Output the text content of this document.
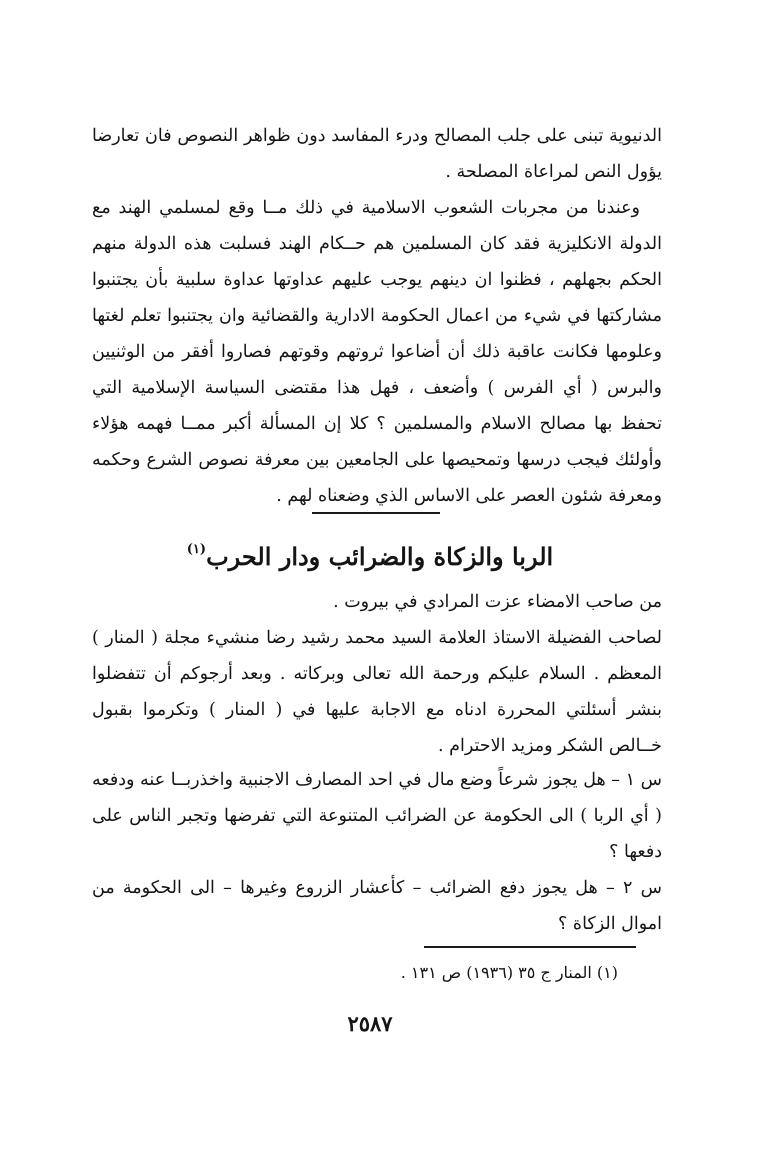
الدنيوية تبنى على جلب المصالح ودرء المفاسد دون ظواهر النصوص فان تعارضا يؤول النص لمراعاة المصلحة .

وعندنا من مجربات الشعوب الاسلامية في ذلك مــا وقع لمسلمي الهند مع الدولة الانكليزية فقد كان المسلمين هم حــكام الهند فسلبت هذه الدولة منهم الحكم بجهلهم ، فظنوا ان دينهم يوجب عليهم عداوتها عداوة سلبية بأن يجتنبوا مشاركتها في شيء من اعمال الحكومة الادارية والقضائية وان يجتنبوا تعلم لغتها وعلومها فكانت عاقبة ذلك أن أضاعوا ثروتهم وقوتهم فصاروا أفقر من الوثنيين والبرس ( أي الفرس ) وأضعف ، فهل هذا مقتضى السياسة الإسلامية التي تحفظ بها مصالح الاسلام والمسلمين ؟ كلا إن المسألة أكبر ممــا فهمه هؤلاء وأولئك فيجب درسها وتمحيصها على الجامعين بين معرفة نصوص الشرع وحكمه ومعرفة شئون العصر على الاساس الذي وضعناه لهم .

الربا والزكاة والضرائب ودار الحرب$^{(١)}$

من صاحب الامضاء عزت المرادي في بيروت .

لصاحب الفضيلة الاستاذ العلامة السيد محمد رشيد رضا منشيء مجلة ( المنار ) المعظم . السلام عليكم ورحمة الله تعالى وبركاته . وبعد أرجوكم أن تتفضلوا بنشر أسئلتي المحررة ادناه مع الاجابة عليها في ( المنار ) وتكرموا بقبول خــالص الشكر ومزيد الاحترام .

س ١ – هل يجوز شرعاً وضع مال في احد المصارف الاجنبية واخذربــا عنه ودفعه ( أي الربا ) الى الحكومة عن الضرائب المتنوعة التي تفرضها وتجبر الناس على دفعها ؟

س ٢ – هل يجوز دفع الضرائب – كأعشار الزروع وغيرها – الى الحكومة من اموال الزكاة ؟

(١) المنار ج ٣٥ (١٩٣٦) ص ١٣١ .

٢٥٨٧
